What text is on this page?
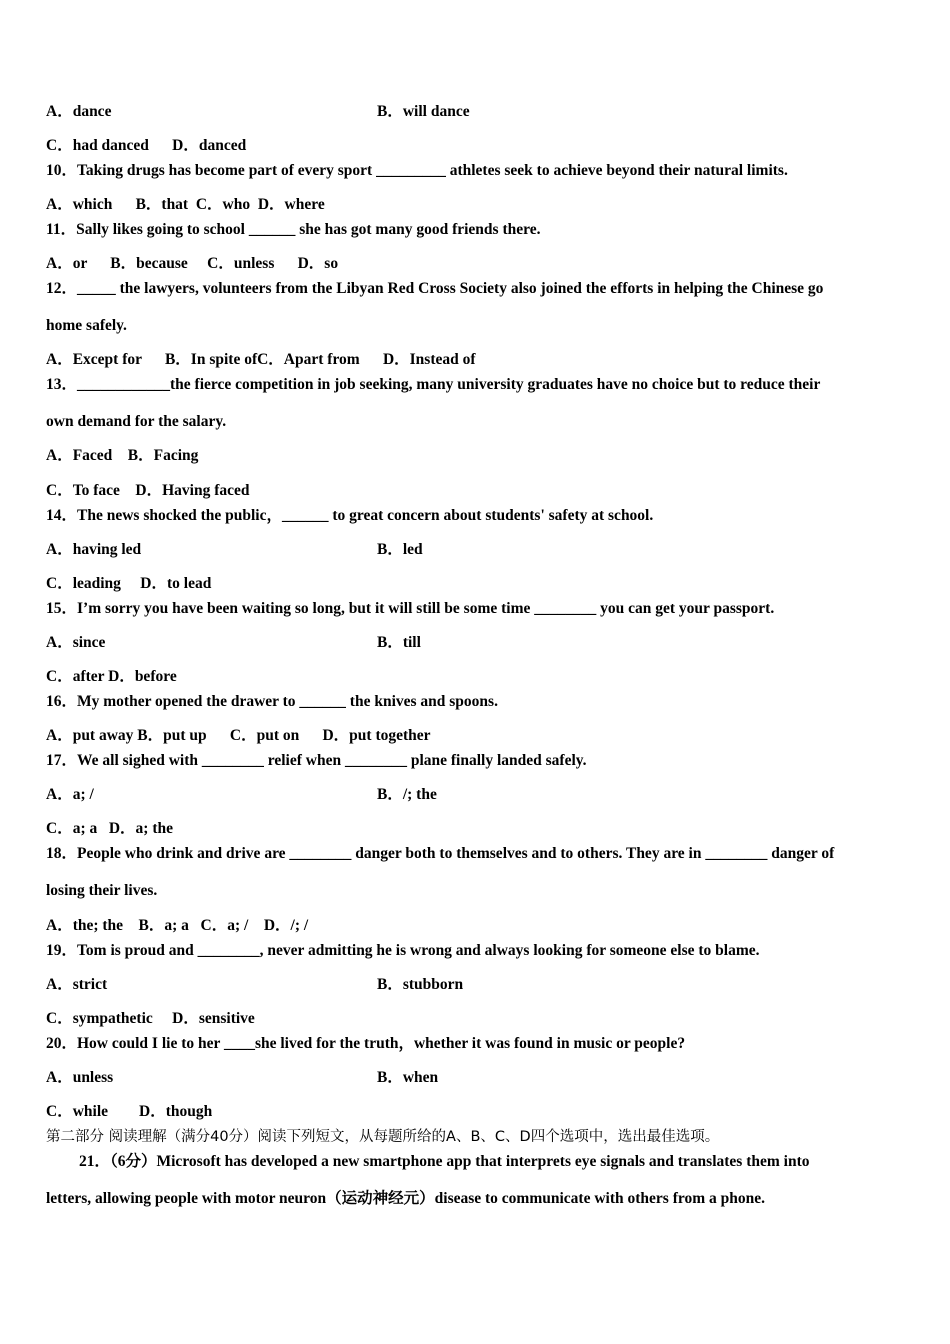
A．dance	B．will dance
C．had danced      D．danced
10．Taking drugs has become part of every sport _________ athletes seek to achieve beyond their natural limits.
A．which      B．that  C．who  D．where
11．Sally likes going to school ______ she has got many good friends there.
A．or      B．because     C．unless      D．so
12．_____ the lawyers, volunteers from the Libyan Red Cross Society also joined the efforts in helping the Chinese go
home safely.
A．Except for      B．In spite ofC．Apart from      D．Instead of
13．____________the fierce competition in job seeking, many university graduates have no choice but to reduce their
own demand for the salary.
A．Faced    B．Facing
C．To face    D．Having faced
14．The news shocked the public，______ to great concern about students' safety at school.
A．having led	B．led
C．leading     D．to lead
15．I’m sorry you have been waiting so long, but it will still be some time ________ you can get your passport.
A．since	B．till
C．after D．before
16．My mother opened the drawer to ______ the knives and spoons.
A．put away B．put up      C．put on      D．put together
17．We all sighed with ________ relief when ________ plane finally landed safely.
A．a; /	B．/; the
C．a; a   D．a; the
18．People who drink and drive are ________ danger both to themselves and to others. They are in ________ danger of
losing their lives.
A．the; the    B．a; a   C．a; /    D．/; /
19．Tom is proud and ________, never admitting he is wrong and always looking for someone else to blame.
A．strict	B．stubborn
C．sympathetic     D．sensitive
20．How could I lie to her ____she lived for the truth，whether it was found in music or people?
A．unless	B．when
C．while        D．though
第二部分 阅读理解（满分40分）阅读下列短文，从每题所给的A、B、C、D四个选项中，选出最佳选项。
21．（6分）Microsoft has developed a new smartphone app that interprets eye signals and translates them into
letters, allowing people with motor neuron（运动神经元）disease to communicate with others from a phone.
